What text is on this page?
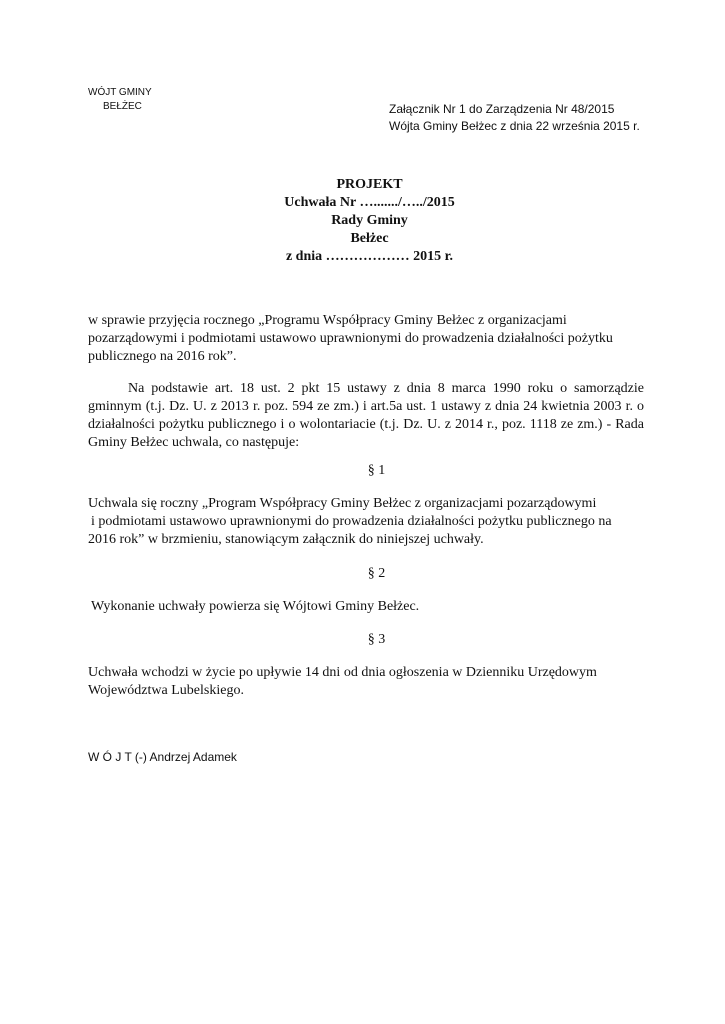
WÓJT GMINY
BEŁŻEC	Załącznik Nr 1 do Zarządzenia Nr 48/2015
Wójta Gminy Bełżec z dnia 22 września 2015 r.
PROJEKT
Uchwała Nr …......./…../2015
Rady Gminy
Bełżec
z dnia ……………… 2015 r.
w sprawie przyjęcia rocznego „Programu Współpracy Gminy Bełżec z organizacjami
pozarządowymi i podmiotami ustawowo uprawnionymi do prowadzenia działalności pożytku
publicznego na 2016 rok”.
Na podstawie art. 18 ust. 2 pkt 15 ustawy z dnia 8 marca 1990 roku o samorządzie gminnym (t.j. Dz. U. z 2013 r. poz. 594 ze zm.) i art.5a ust. 1 ustawy z dnia 24 kwietnia 2003 r. o działalności pożytku publicznego i o wolontariacie (t.j. Dz. U. z 2014 r., poz. 1118 ze zm.) - Rada Gminy Bełżec uchwala, co następuje:
§ 1
Uchwala się roczny „Program Współpracy Gminy Bełżec z organizacjami pozarządowymi
i podmiotami ustawowo uprawnionymi do prowadzenia działalności pożytku publicznego na
2016 rok” w brzmieniu, stanowiącym załącznik do niniejszej uchwały.
§ 2
Wykonanie uchwały powierza się Wójtowi Gminy Bełżec.
§ 3
Uchwała wchodzi w życie po upływie 14 dni od dnia ogłoszenia w Dzienniku Urzędowym
Województwa Lubelskiego.
W Ó J T (-) Andrzej Adamek
